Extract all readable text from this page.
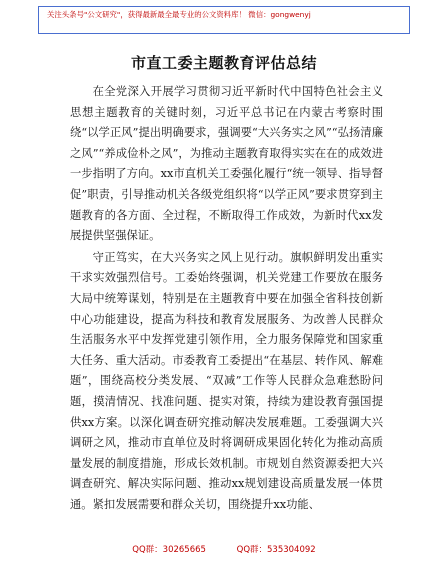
关注头条号"公文研究"，获得最新最全最专业的公文资料库！ 微信：gongwenyj
市直工委主题教育评估总结

在全党深入开展学习贯彻习近平新时代中国特色社会主义思想主题教育的关键时刻，习近平总书记在内蒙古考察时围绕“以学正风”提出明确要求，强调要“大兴务实之风”“弘扬清廉之风”“养成俭朴之风”，为推动主题教育取得实实在在的成效进一步指明了方向。xx市直机关工委强化履行“统一领导、指导督促”职责，引导推动机关各级党组织将“以学正风”要求贯穿到主题教育的各方面、全过程，不断取得工作成效，为新时代xx发展提供坚强保证。

守正笃实，在大兴务实之风上见行动。旗帜鲜明发出重实干求实效强烈信号。工委始终强调，机关党建工作要放在服务大局中统筹谋划，特别是在主题教育中要在加强全省科技创新中心功能建设，提高为科技和教育发展服务、为改善人民群众生活服务水平中发挥党建引领作用，全力服务保障党和国家重大任务、重大活动。市委教育工委提出“在基层、转作风、解难题”，围绕高校分类发展、“双减”工作等人民群众急难愁盼问题，摸清情况、找准问题、提实对策，持续为建设教育强国提供xx方案。以深化调查研究推动解决发展难题。工委强调大兴调研之风，推动市直单位及时将调研成果固化转化为推动高质量发展的制度措施，形成长效机制。市规划自然资源委把大兴调查研究、解决实际问题、推动xx规划建设高质量发展一体贯通。紧扣发展需要和群众关切，围绕提升xx功能、

QQ群：30265665	QQ群：535304092
